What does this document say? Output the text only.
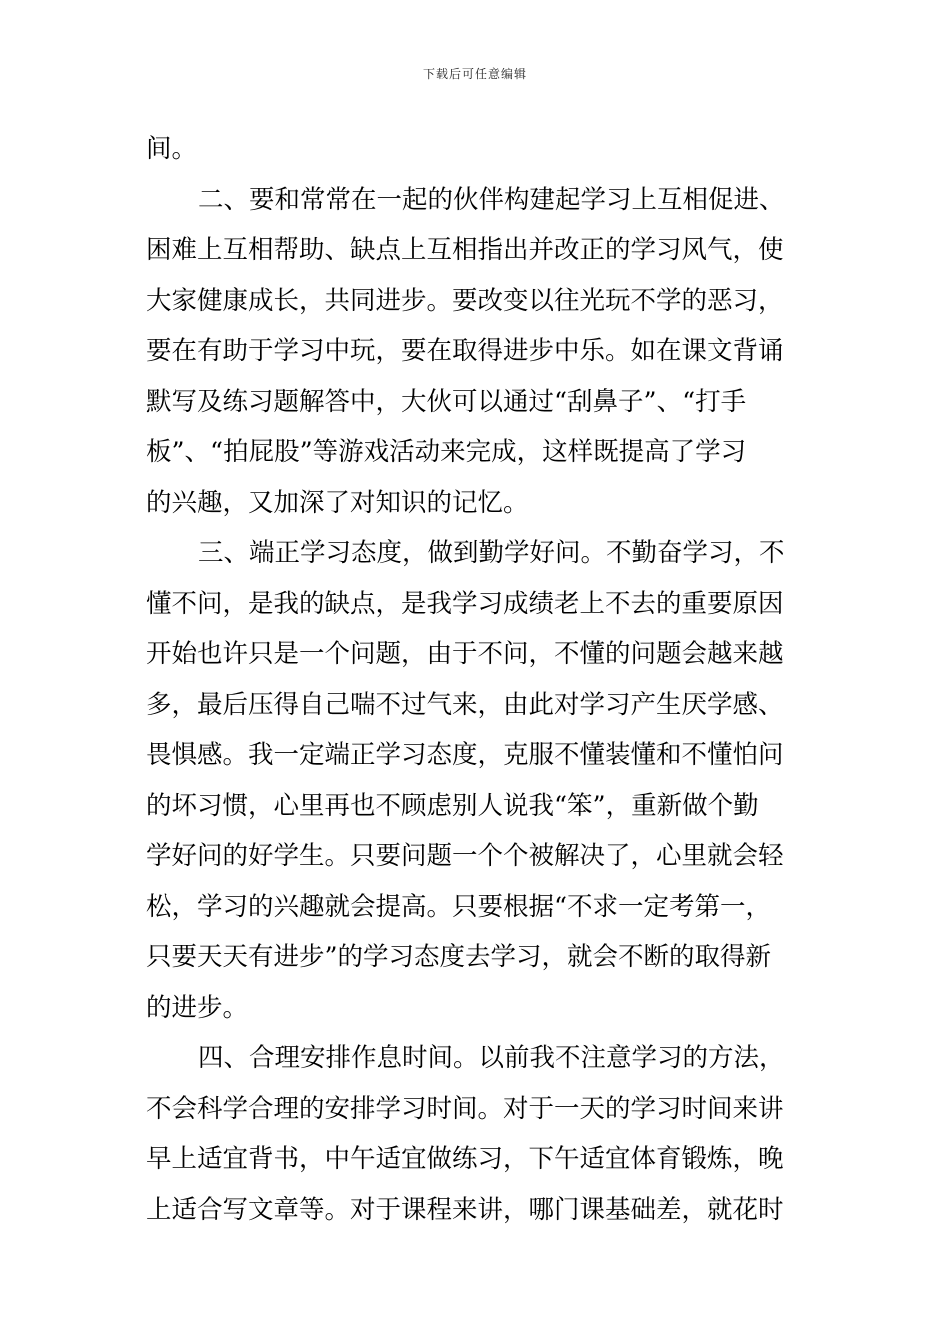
下载后可任意编辑
间。
二、要和常常在一起的伙伴构建起学习上互相促进、
困难上互相帮助、缺点上互相指出并改正的学习风气，使
大家健康成长，共同进步。要改变以往光玩不学的恶习，
要在有助于学习中玩，要在取得进步中乐。如在课文背诵
默写及练习题解答中，大伙可以通过“刮鼻子”、“打手
板”、“拍屁股”等游戏活动来完成，这样既提高了学习
的兴趣，又加深了对知识的记忆。
三、端正学习态度，做到勤学好问。不勤奋学习，不
懂不问，是我的缺点，是我学习成绩老上不去的重要原因
开始也许只是一个问题，由于不问，不懂的问题会越来越
多，最后压得自己喘不过气来，由此对学习产生厌学感、
畏惧感。我一定端正学习态度，克服不懂装懂和不懂怕问
的坏习惯，心里再也不顾虑别人说我“笨”，重新做个勤
学好问的好学生。只要问题一个个被解决了，心里就会轻
松，学习的兴趣就会提高。只要根据“不求一定考第一，
只要天天有进步”的学习态度去学习，就会不断的取得新
的进步。
四、合理安排作息时间。以前我不注意学习的方法，
不会科学合理的安排学习时间。对于一天的学习时间来讲
早上适宜背书，中午适宜做练习，下午适宜体育锻炼，晚
上适合写文章等。对于课程来讲，哪门课基础差，就花时
